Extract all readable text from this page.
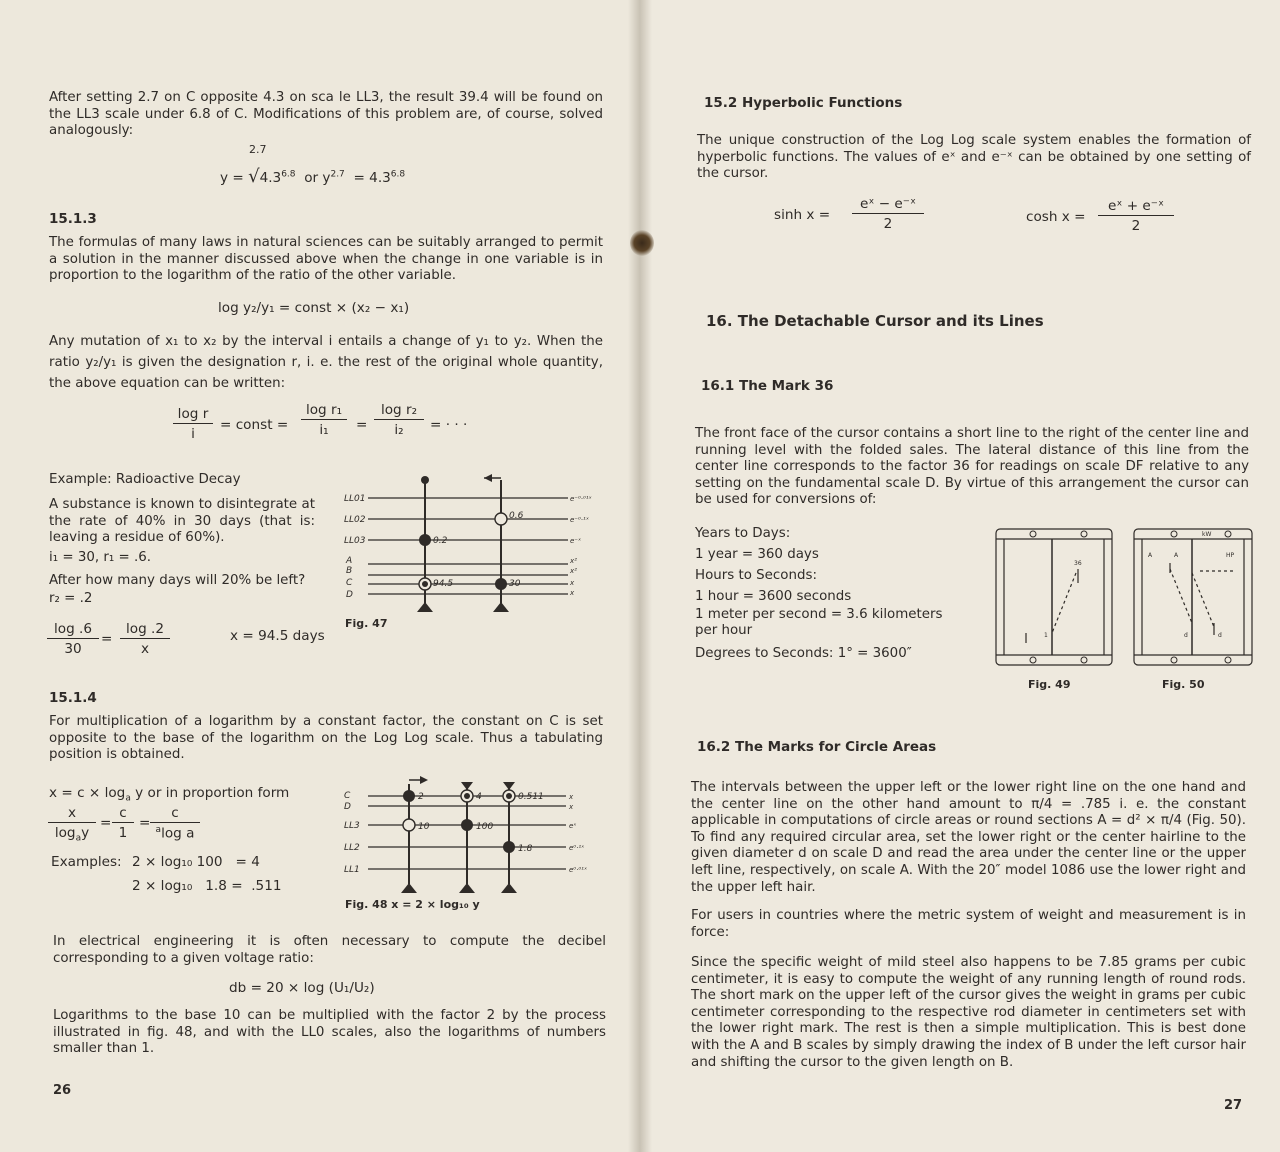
After setting 2.7 on C opposite 4.3 on sca le LL3, the result 39.4 will be found on the LL3 scale under 6.8 of C. Modifications of this problem are, of course, solved analogously:
2.7
$y = √4.3^{6.8}$ or $y^{2.7} = 4.3^{6.8}$
15.1.3
The formulas of many laws in natural sciences can be suitably arranged to permit a solution in the manner discussed above when the change in one variable is in proportion to the logarithm of the ratio of the other variable.
log y₂/y₁ = const × (x₂ − x₁)
Any mutation of x₁ to x₂ by the interval i entails a change of y₁ to y₂. When the ratio y₂/y₁ is given the designation r, i. e. the rest of the original whole quantity, the above equation can be written:
$\frac{\text{log r}}{i}$ = const = $\frac{\text{log r₁}}{\text{i₁}} = \frac{\text{log r₂}}{\text{i₂}}$ = · · ·
Example: Radioactive Decay
A substance is known to disintegrate at the rate of 40% in 30 days (that is: leaving a residue of 60%).
i₁ = 30, r₁ = .6.
After how many days will 20% be left?
r₂ = .2
$\frac{\log .6}{30} = \frac{\log .2}{x}$	x = 94.5 days
LL01
LL02
LL03
A
B
C
D
e⁻⁰·⁰¹ˣ
e⁻⁰·¹ˣ
e⁻ˣ
x²
x²
x
x
0.6
0.2
94.5	30
Fig. 47
15.1.4
For multiplication of a logarithm by a constant factor, the constant on C is set opposite to the base of the logarithm on the Log Log scale. Thus a tabulating position is obtained.
$x = c \times \log_a y$ or in proportion form
$\frac{x}{\log_ay} = \frac{c}{1} = \frac{c}{^a\log a}$
Examples: 2 × log₁₀ 100   = 4
2 × log₁₀   1.8 =  .511
C
D
LL3
LL2
LL1
x
x
eˣ
e⁰·¹ˣ
e⁰·⁰¹ˣ
2	4	0.511
10	100
1.8
Fig. 48 x = 2 × log₁₀ y
In electrical engineering it is often necessary to compute the decibel corresponding to a given voltage ratio:
db = 20 × log (U₁/U₂)
Logarithms to the base 10 can be multiplied with the factor 2 by the process illustrated in fig. 48, and with the LL0 scales, also the logarithms of numbers smaller than 1.
26
15.2 Hyperbolic Functions
The unique construction of the Log Log scale system enables the formation of hyperbolic functions. The values of eˣ and e⁻ˣ can be obtained by one setting of the cursor.
$\sinh x = \frac{\text{eˣ − e⁻ˣ}}{2}$	$\cosh x = \frac{\text{eˣ + e⁻ˣ}}{2}$
16. The Detachable Cursor and its Lines
16.1 The Mark 36
The front face of the cursor contains a short line to the right of the center line and running level with the folded sales. The lateral distance of this line from the center line corresponds to the factor 36 for readings on scale DF relative to any setting on the fundamental scale D. By virtue of this arrangement the cursor can be used for conversions of:
Years to Days:
1 year = 360 days
Hours to Seconds:
1 hour = 3600 seconds
1 meter per second = 3.6 kilometers per hour
Degrees to Seconds: 1° = 3600″
36
1
Fig. 49
kW
A	A	HP
d	d
Fig. 50
16.2 The Marks for Circle Areas
The intervals between the upper left or the lower right line on the one hand and the center line on the other hand amount to π/4 = .785 i. e. the constant applicable in computations of circle areas or round sections A = d² × π/4 (Fig. 50). To find any required circular area, set the lower right or the center hairline to the given diameter d on scale D and read the area under the center line or the upper left line, respectively, on scale A. With the 20″ model 1086 use the lower right and the upper left hair.
For users in countries where the metric system of weight and measurement is in force:
Since the specific weight of mild steel also happens to be 7.85 grams per cubic centimeter, it is easy to compute the weight of any running length of round rods. The short mark on the upper left of the cursor gives the weight in grams per cubic centimeter corresponding to the respective rod diameter in centimeters set with the lower right mark. The rest is then a simple multiplication. This is best done with the A and B scales by simply drawing the index of B under the left cursor hair and shifting the cursor to the given length on B.
27
